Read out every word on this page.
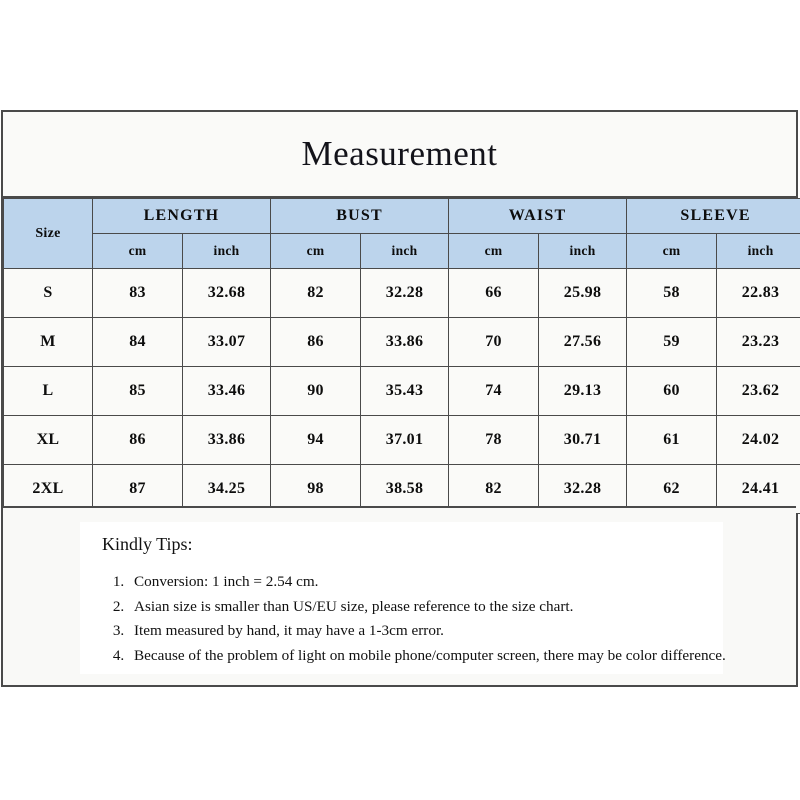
Measurement
Size	LENGTH		BUST		WAIST		SLEEVE	
	cm	inch	cm	inch	cm	inch	cm	inch
S	83	32.68	82	32.28	66	25.98	58	22.83
M	84	33.07	86	33.86	70	27.56	59	23.23
L	85	33.46	90	35.43	74	29.13	60	23.62
XL	86	33.86	94	37.01	78	30.71	61	24.02
2XL	87	34.25	98	38.58	82	32.28	62	24.41
Kindly Tips:
1. Conversion: 1 inch = 2.54 cm.
2. Asian size is smaller than US/EU size, please reference to the size chart.
3. Item measured by hand, it may have a 1-3cm error.
4. Because of the problem of light on mobile phone/computer screen, there may be color difference.
